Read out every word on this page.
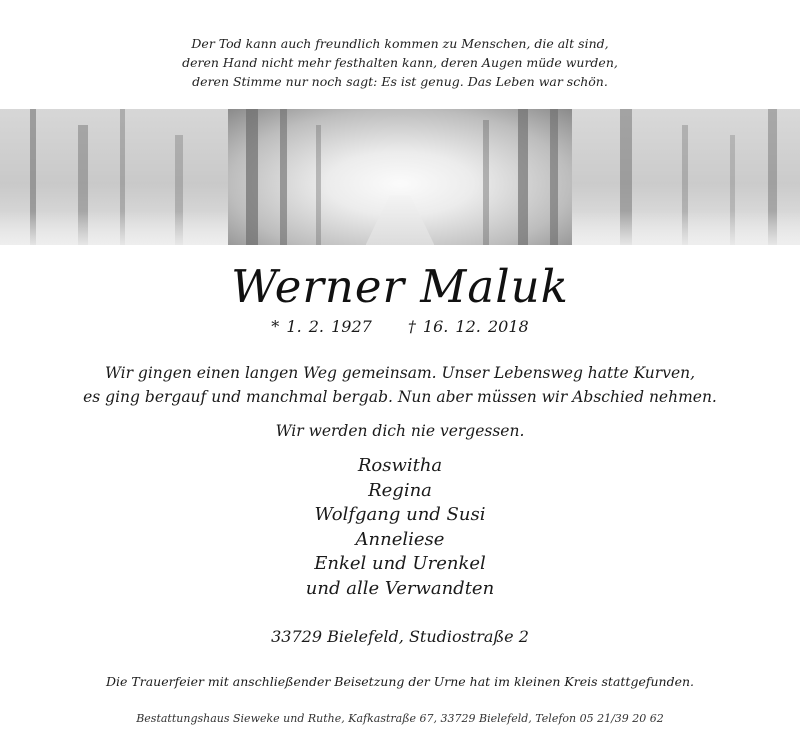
Der Tod kann auch freundlich kommen zu Menschen, die alt sind,
deren Hand nicht mehr festhalten kann, deren Augen müde wurden,
deren Stimme nur noch sagt: Es ist genug. Das Leben war schön.
Werner Maluk
* 1. 2. 1927 † 16. 12. 2018
Wir gingen einen langen Weg gemeinsam. Unser Lebensweg hatte Kurven,
es ging bergauf und manchmal bergab. Nun aber müssen wir Abschied nehmen.
Wir werden dich nie vergessen.
Roswitha
Regina
Wolfgang und Susi
Anneliese
Enkel und Urenkel
und alle Verwandten
33729 Bielefeld, Studiostraße 2
Die Trauerfeier mit anschließender Beisetzung der Urne hat im kleinen Kreis stattgefunden.
Bestattungshaus Sieweke und Ruthe, Kafkastraße 67, 33729 Bielefeld, Telefon 05 21/39 20 62
